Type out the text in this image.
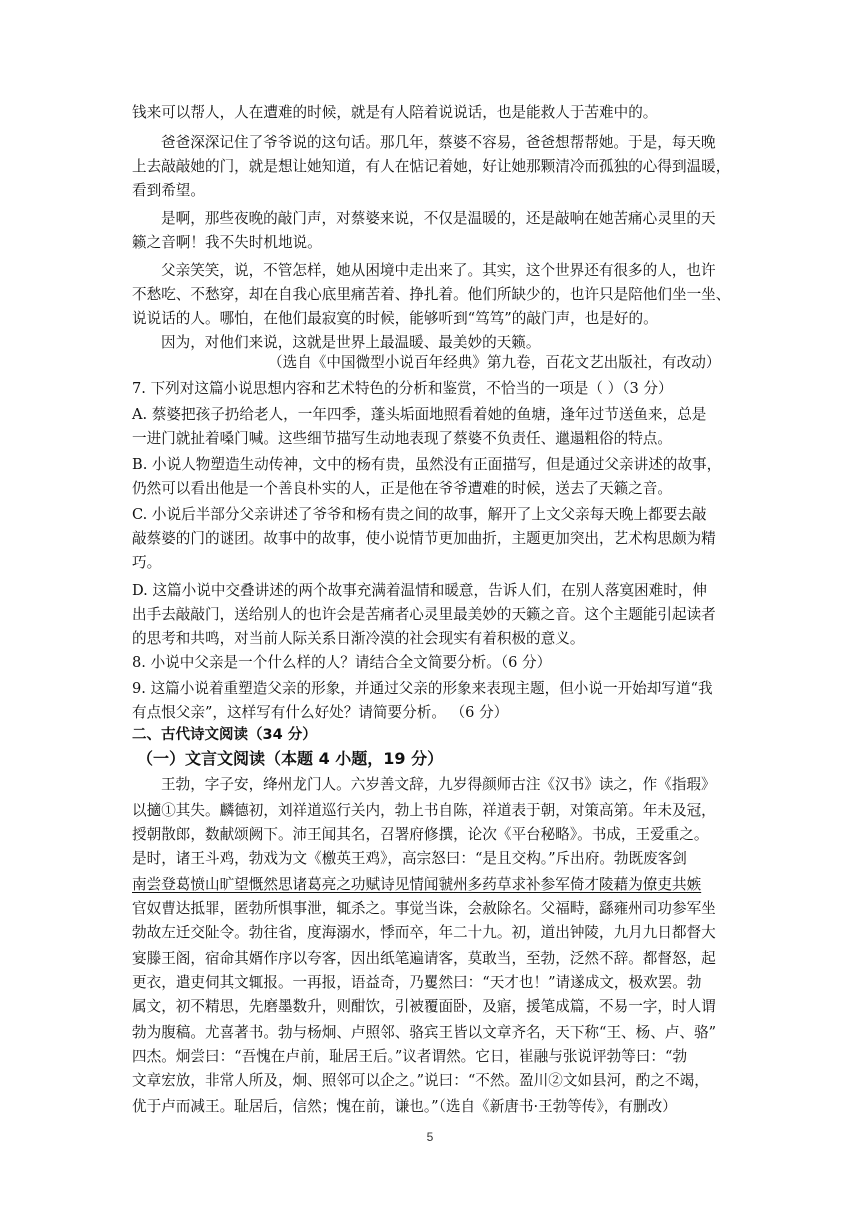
钱来可以帮人，人在遭难的时候，就是有人陪着说说话，也是能救人于苦难中的。
爸爸深深记住了爷爷说的这句话。那几年，蔡婆不容易，爸爸想帮帮她。于是，每天晚
上去敲敲她的门，就是想让她知道，有人在惦记着她，好让她那颗清冷而孤独的心得到温暖，
看到希望。
是啊，那些夜晚的敲门声，对蔡婆来说，不仅是温暖的，还是敲响在她苦痛心灵里的天
籁之音啊！我不失时机地说。
父亲笑笑，说，不管怎样，她从困境中走出来了。其实，这个世界还有很多的人，也许
不愁吃、不愁穿，却在自我心底里痛苦着、挣扎着。他们所缺少的，也许只是陪他们坐一坐、
说说话的人。哪怕，在他们最寂寞的时候，能够听到“笃笃”的敲门声，也是好的。
因为，对他们来说，这就是世界上最温暖、最美妙的天籁。
（选自《中国微型小说百年经典》第九卷，百花文艺出版社，有改动）
7. 下列对这篇小说思想内容和艺术特色的分析和鉴赏，不恰当的一项是（ ）（3 分）
A. 蔡婆把孩子扔给老人，一年四季，蓬头垢面地照看着她的鱼塘，逢年过节送鱼来，总是
一进门就扯着嗓门喊。这些细节描写生动地表现了蔡婆不负责任、邋遢粗俗的特点。
B. 小说人物塑造生动传神，文中的杨有贵，虽然没有正面描写，但是通过父亲讲述的故事，
仍然可以看出他是一个善良朴实的人，正是他在爷爷遭难的时候，送去了天籁之音。
C. 小说后半部分父亲讲述了爷爷和杨有贵之间的故事，解开了上文父亲每天晚上都要去敲
敲蔡婆的门的谜团。故事中的故事，使小说情节更加曲折，主题更加突出，艺术构思颇为精
巧。
D. 这篇小说中交叠讲述的两个故事充满着温情和暖意，告诉人们，在别人落寞困难时，伸
出手去敲敲门，送给别人的也许会是苦痛者心灵里最美妙的天籁之音。这个主题能引起读者
的思考和共鸣，对当前人际关系日渐冷漠的社会现实有着积极的意义。
8. 小说中父亲是一个什么样的人？请结合全文简要分析。（6 分）
9. 这篇小说着重塑造父亲的形象，并通过父亲的形象来表现主题，但小说一开始却写道“我
有点恨父亲”，这样写有什么好处？请简要分析。 （6 分）
二、古代诗文阅读（34 分）
（一）文言文阅读（本题 4 小题，19 分）
王勃，字子安，绛州龙门人。六岁善文辞，九岁得颜师古注《汉书》读之，作《指瑕》
以擿①其失。麟德初，刘祥道巡行关内，勃上书自陈，祥道表于朝，对策高第。年未及冠，
授朝散郎，数献颂阙下。沛王闻其名，召署府修撰，论次《平台秘略》。书成，王爱重之。
是时，诸王斗鸡，勃戏为文《檄英王鸡》，高宗怒曰：“是且交构。”斥出府。勃既废客剑
南尝登葛愤山旷望慨然思诸葛亮之功赋诗见情闻虢州多药草求补参军倚才陵藉为僚吏共嫉
官奴曹达抵罪，匿勃所惧事泄，辄杀之。事觉当诛，会赦除名。父福畤，繇雍州司功参军坐
勃故左迁交阯令。勃往省，度海溺水，悸而卒，年二十九。初，道出钟陵，九月九日都督大
宴滕王阁，宿命其婿作序以夸客，因出纸笔遍请客，莫敢当，至勃，泛然不辞。都督怒，起
更衣，遣吏伺其文辄报。一再报，语益奇，乃矍然曰：“天才也！”请遂成文，极欢罢。勃
属文，初不精思，先磨墨数升，则酣饮，引被覆面卧，及寤，援笔成篇，不易一字，时人谓
勃为腹稿。尤喜著书。勃与杨炯、卢照邻、骆宾王皆以文章齐名，天下称“王、杨、卢、骆”
四杰。炯尝曰：“吾愧在卢前，耻居王后。”议者谓然。它日，崔融与张说评勃等曰：“勃
文章宏放，非常人所及，炯、照邻可以企之。”说曰：“不然。盈川②文如县河，酌之不竭，
优于卢而减王。耻居后，信然；愧在前，谦也。”（选自《新唐书·王勃等传》，有删改）
5
